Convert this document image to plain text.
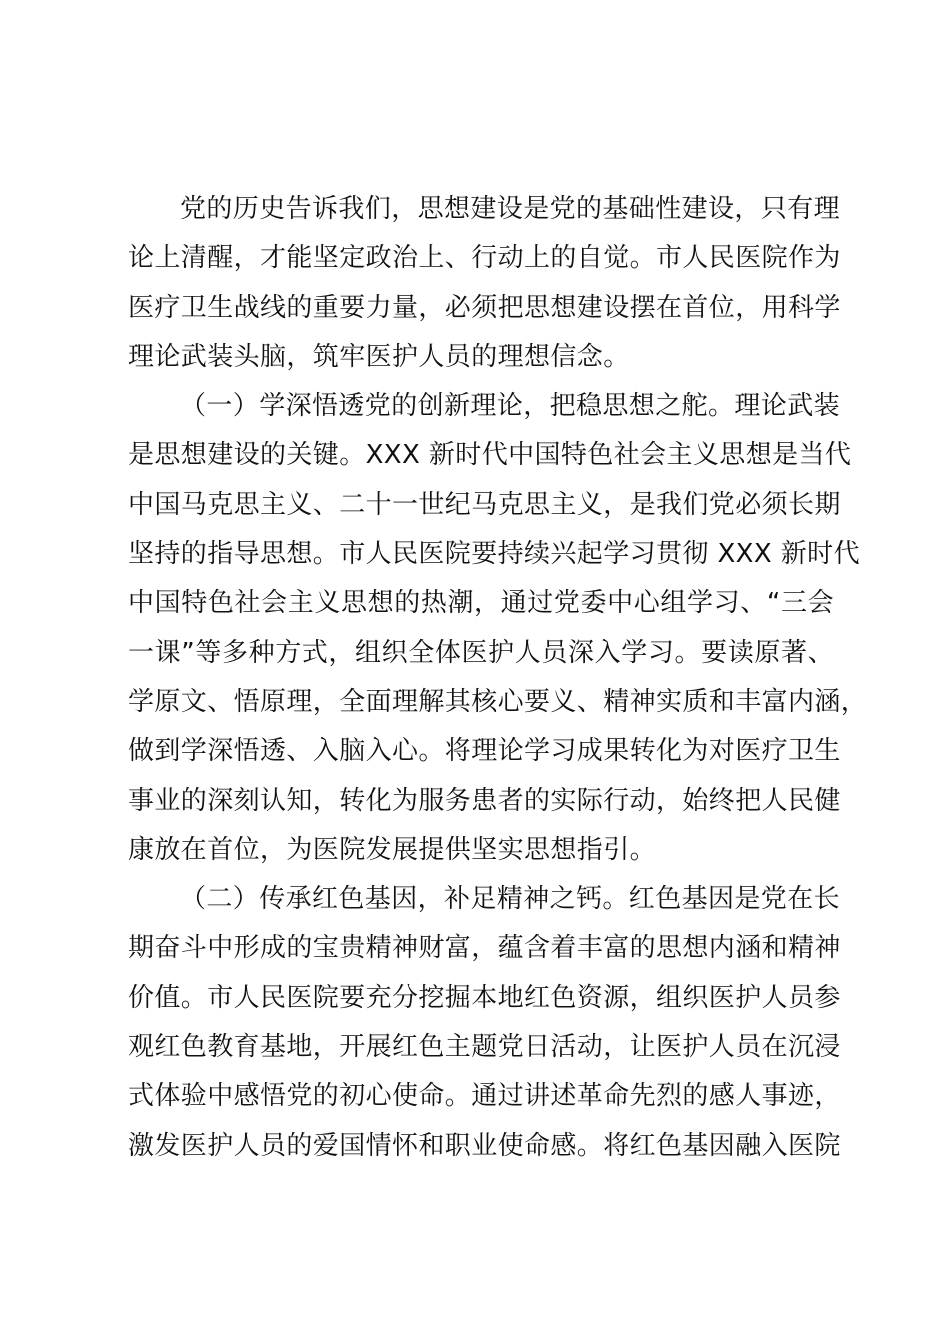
党的历史告诉我们，思想建设是党的基础性建设，只有理
论上清醒，才能坚定政治上、行动上的自觉。市人民医院作为
医疗卫生战线的重要力量，必须把思想建设摆在首位，用科学
理论武装头脑，筑牢医护人员的理想信念。
（一）学深悟透党的创新理论，把稳思想之舵。理论武装
是思想建设的关键。XXX 新时代中国特色社会主义思想是当代
中国马克思主义、二十一世纪马克思主义，是我们党必须长期
坚持的指导思想。市人民医院要持续兴起学习贯彻 XXX 新时代
中国特色社会主义思想的热潮，通过党委中心组学习、“三会
一课”等多种方式，组织全体医护人员深入学习。要读原著、
学原文、悟原理，全面理解其核心要义、精神实质和丰富内涵，
做到学深悟透、入脑入心。将理论学习成果转化为对医疗卫生
事业的深刻认知，转化为服务患者的实际行动，始终把人民健
康放在首位，为医院发展提供坚实思想指引。
（二）传承红色基因，补足精神之钙。红色基因是党在长
期奋斗中形成的宝贵精神财富，蕴含着丰富的思想内涵和精神
价值。市人民医院要充分挖掘本地红色资源，组织医护人员参
观红色教育基地，开展红色主题党日活动，让医护人员在沉浸
式体验中感悟党的初心使命。通过讲述革命先烈的感人事迹，
激发医护人员的爱国情怀和职业使命感。将红色基因融入医院
